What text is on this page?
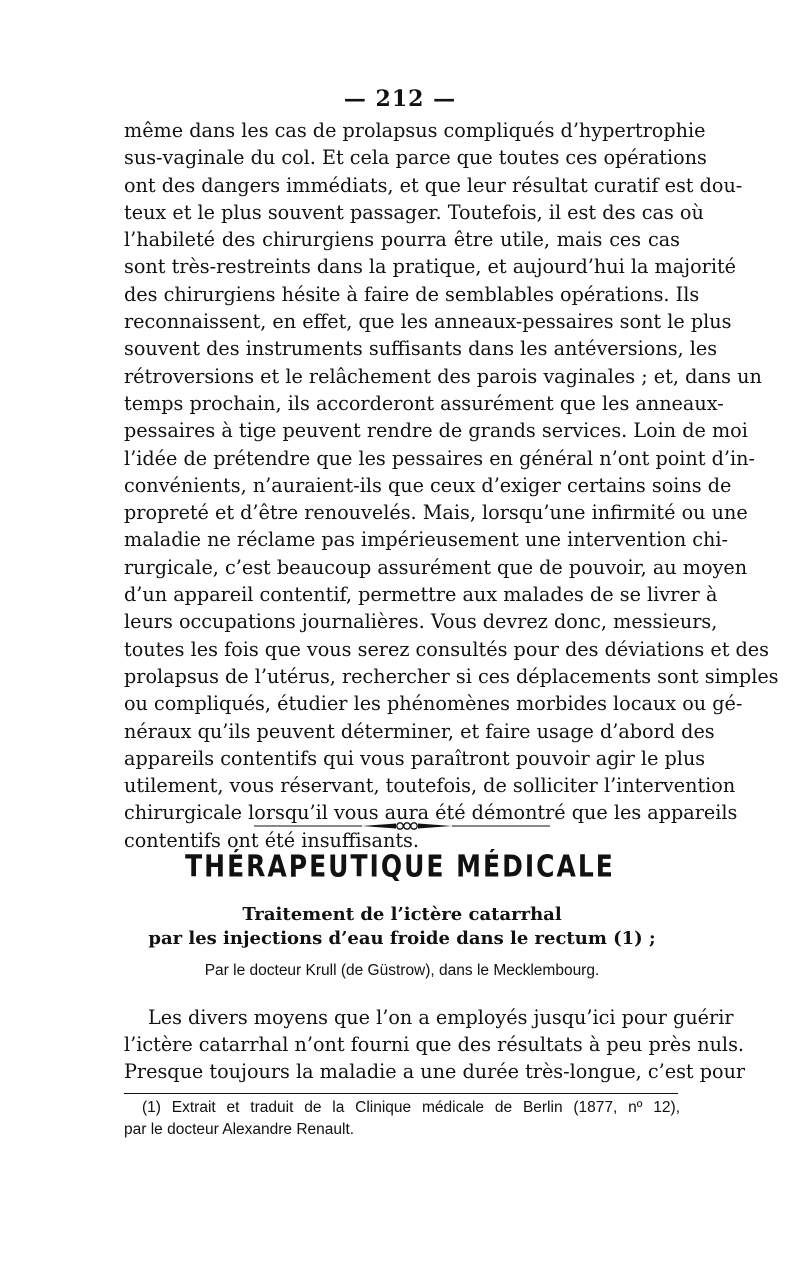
— 212 —
même dans les cas de prolapsus compliqués d’hypertrophie
sus-vaginale du col. Et cela parce que toutes ces opérations
ont des dangers immédiats, et que leur résultat curatif est dou-
teux et le plus souvent passager. Toutefois, il est des cas où
l’habileté des chirurgiens pourra être utile, mais ces cas
sont très-restreints dans la pratique, et aujourd’hui la majorité
des chirurgiens hésite à faire de semblables opérations. Ils
reconnaissent, en effet, que les anneaux-pessaires sont le plus
souvent des instruments suffisants dans les antéversions, les
rétroversions et le relâchement des parois vaginales ; et, dans un
temps prochain, ils accorderont assurément que les anneaux-
pessaires à tige peuvent rendre de grands services. Loin de moi
l’idée de prétendre que les pessaires en général n’ont point d’in-
convénients, n’auraient-ils que ceux d’exiger certains soins de
propreté et d’être renouvelés. Mais, lorsqu’une infirmité ou une
maladie ne réclame pas impérieusement une intervention chi-
rurgicale, c’est beaucoup assurément que de pouvoir, au moyen
d’un appareil contentif, permettre aux malades de se livrer à
leurs occupations journalières. Vous devrez donc, messieurs,
toutes les fois que vous serez consultés pour des déviations et des
prolapsus de l’utérus, rechercher si ces déplacements sont simples
ou compliqués, étudier les phénomènes morbides locaux ou gé-
néraux qu’ils peuvent déterminer, et faire usage d’abord des
appareils contentifs qui vous paraîtront pouvoir agir le plus
utilement, vous réservant, toutefois, de solliciter l’intervention
chirurgicale lorsqu’il vous aura été démontré que les appareils
contentifs ont été insuffisants.
THÉRAPEUTIQUE MÉDICALE
Traitement de l’ictère catarrhal
par les injections d’eau froide dans le rectum (1) ;
Par le docteur Krull (de Güstrow), dans le Mecklembourg.
Les divers moyens que l’on a employés jusqu’ici pour guérir
l’ictère catarrhal n’ont fourni que des résultats à peu près nuls.
Presque toujours la maladie a une durée très-longue, c’est pour
(1) Extrait et traduit de la Clinique médicale de Berlin (1877, nº 12),
par le docteur Alexandre Renault.
